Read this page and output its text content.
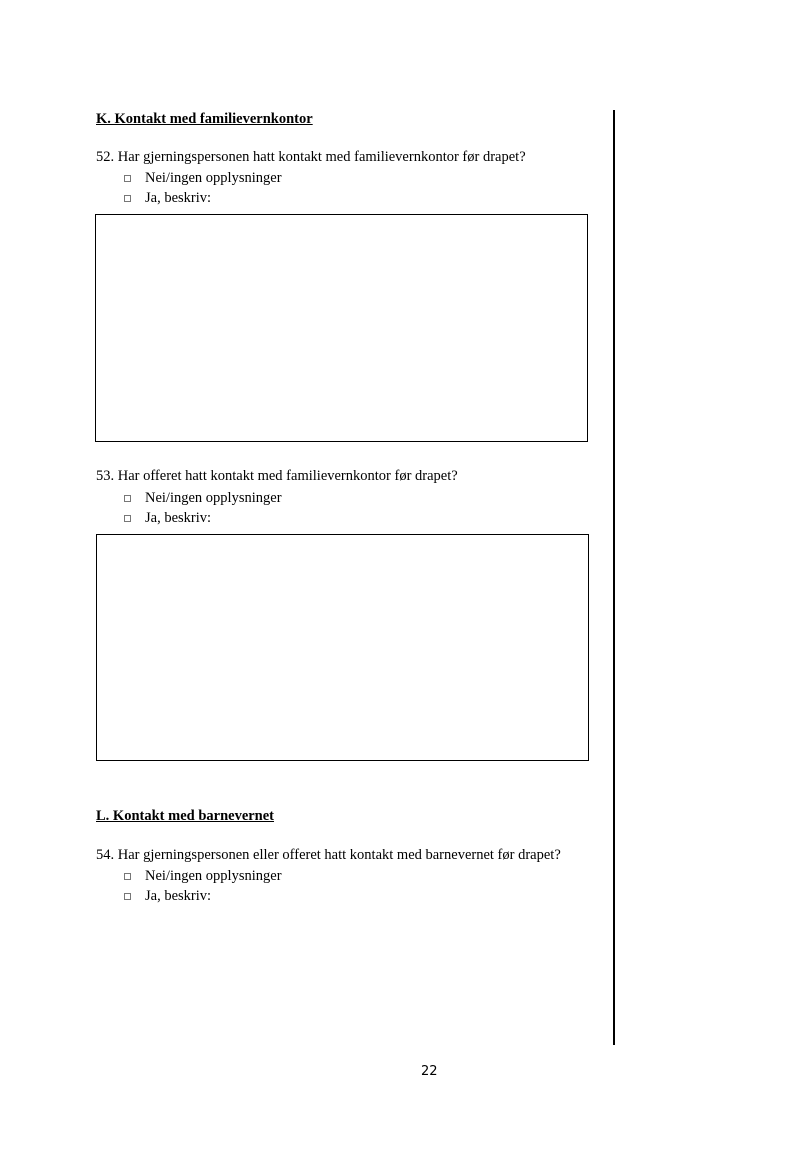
K. Kontakt med familievernkontor
52. Har gjerningspersonen hatt kontakt med familievernkontor før drapet?
Nei/ingen opplysninger
Ja, beskriv:
53. Har offeret hatt kontakt med familievernkontor før drapet?
Nei/ingen opplysninger
Ja, beskriv:
L. Kontakt med barnevernet
54. Har gjerningspersonen eller offeret hatt kontakt med barnevernet før drapet?
Nei/ingen opplysninger
Ja, beskriv:
22
